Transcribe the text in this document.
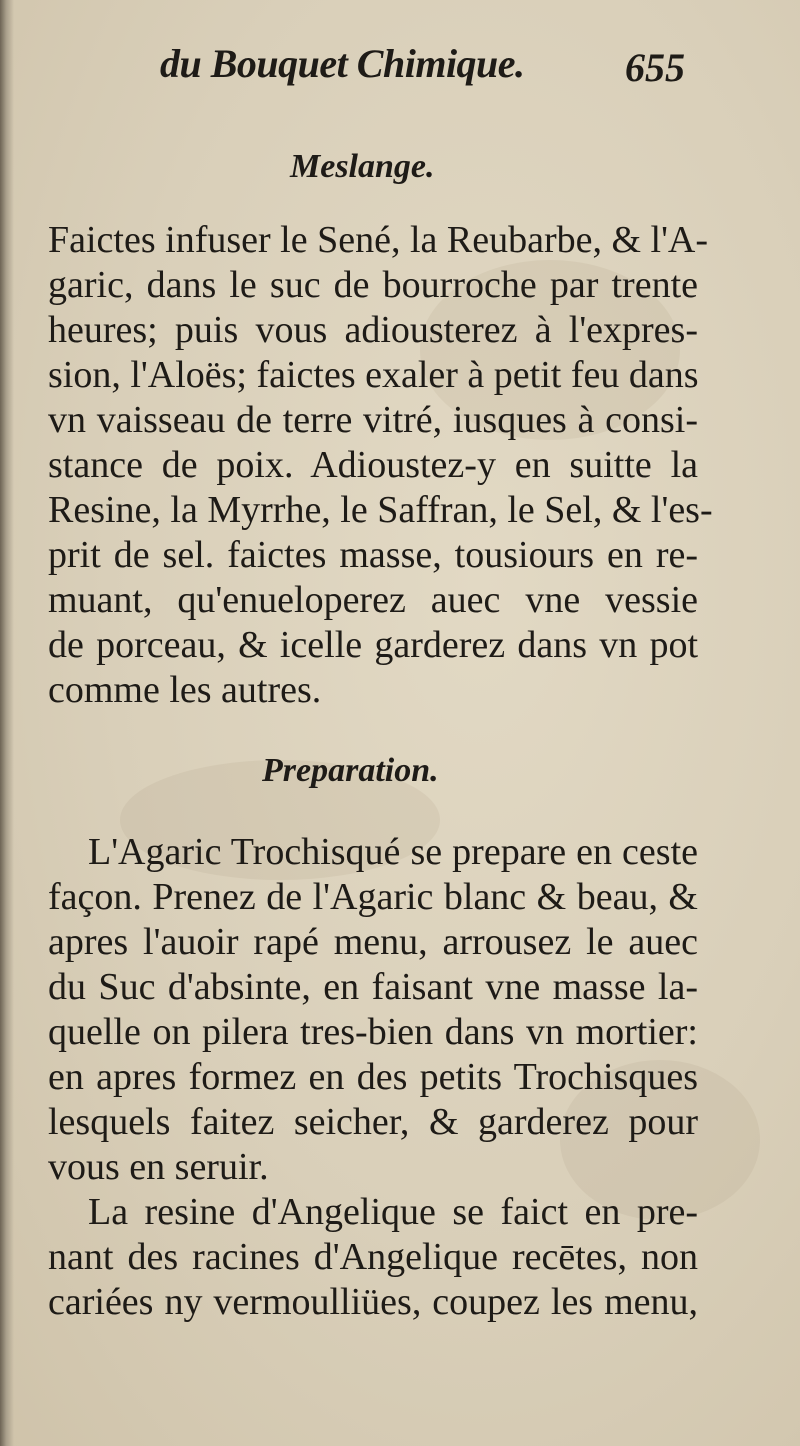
du Bouquet Chimique.	655
Meslange.
Faictes infuser le Sené, la Reubarbe, & l'A-
garic, dans le suc de bourroche par trente
heures; puis vous adiousterez à l'expres-
sion, l'Aloës; faictes exaler à petit feu dans
vn vaisseau de terre vitré, iusques à consi-
stance de poix. Adioustez-y en suitte la
Resine, la Myrrhe, le Saffran, le Sel, & l'es-
prit de sel. faictes masse, tousiours en re-
muant, qu'enueloperez auec vne vessie
de porceau, & icelle garderez dans vn pot
comme les autres.
Preparation.
L'Agaric Trochisqué se prepare en ceste
façon. Prenez de l'Agaric blanc & beau, &
apres l'auoir rapé menu, arrousez le auec
du Suc d'absinte, en faisant vne masse la-
quelle on pilera tres-bien dans vn mortier:
en apres formez en des petits Trochisques
lesquels faitez seicher, & garderez pour
vous en seruir.
La resine d'Angelique se faict en pre-
nant des racines d'Angelique recētes, non
cariées ny vermoulliües, coupez les menu,
